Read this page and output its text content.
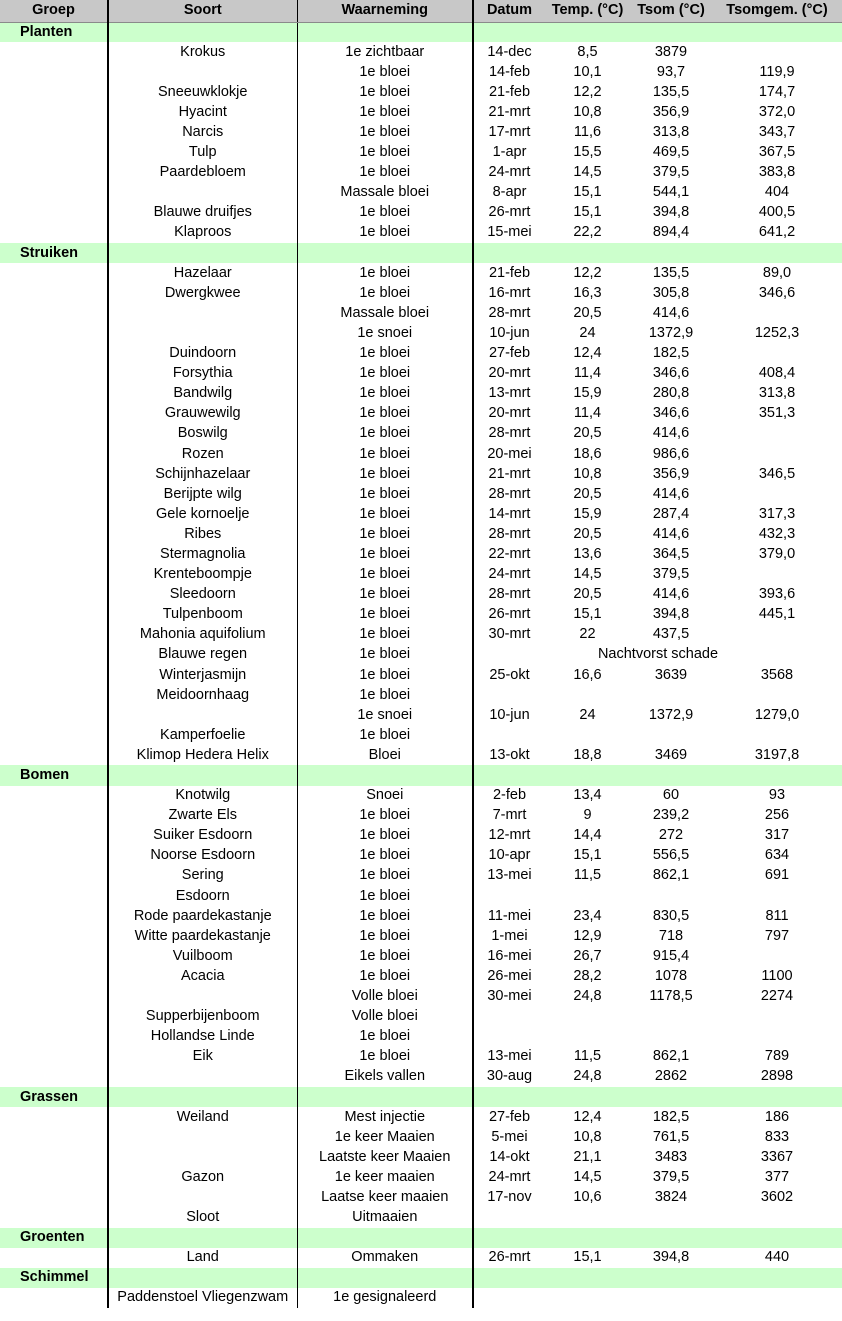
Groep	Soort	Waarneming	Datum	Temp. (°C)	Tsom (°C)	Tsomgem. (°C)
Planten						
	Krokus	1e zichtbaar	14-dec	8,5	3879	
		1e bloei	14-feb	10,1	93,7	119,9
	Sneeuwklokje	1e bloei	21-feb	12,2	135,5	174,7
	Hyacint	1e bloei	21-mrt	10,8	356,9	372,0
	Narcis	1e bloei	17-mrt	11,6	313,8	343,7
	Tulp	1e bloei	1-apr	15,5	469,5	367,5
	Paardebloem	1e bloei	24-mrt	14,5	379,5	383,8
		Massale bloei	8-apr	15,1	544,1	404
	Blauwe druifjes	1e bloei	26-mrt	15,1	394,8	400,5
	Klaproos	1e bloei	15-mei	22,2	894,4	641,2
Struiken						
	Hazelaar	1e bloei	21-feb	12,2	135,5	89,0
	Dwergkwee	1e bloei	16-mrt	16,3	305,8	346,6
		Massale bloei	28-mrt	20,5	414,6	
		1e snoei	10-jun	24	1372,9	1252,3
	Duindoorn	1e bloei	27-feb	12,4	182,5	
	Forsythia	1e bloei	20-mrt	11,4	346,6	408,4
	Bandwilg	1e bloei	13-mrt	15,9	280,8	313,8
	Grauwewilg	1e bloei	20-mrt	11,4	346,6	351,3
	Boswilg	1e bloei	28-mrt	20,5	414,6	
	Rozen	1e bloei	20-mei	18,6	986,6	
	Schijnhazelaar	1e bloei	21-mrt	10,8	356,9	346,5
	Berijpte wilg	1e bloei	28-mrt	20,5	414,6	
	Gele kornoelje	1e bloei	14-mrt	15,9	287,4	317,3
	Ribes	1e bloei	28-mrt	20,5	414,6	432,3
	Stermagnolia	1e bloei	22-mrt	13,6	364,5	379,0
	Krenteboompje	1e bloei	24-mrt	14,5	379,5	
	Sleedoorn	1e bloei	28-mrt	20,5	414,6	393,6
	Tulpenboom	1e bloei	26-mrt	15,1	394,8	445,1
	Mahonia aquifolium	1e bloei	30-mrt	22	437,5	
	Blauwe regen	1e bloei	Nachtvorst schade			
	Winterjasmijn	1e bloei	25-okt	16,6	3639	3568
	Meidoornhaag	1e bloei				
		1e snoei	10-jun	24	1372,9	1279,0
	Kamperfoelie	1e bloei				
	Klimop Hedera Helix	Bloei	13-okt	18,8	3469	3197,8
Bomen						
	Knotwilg	Snoei	2-feb	13,4	60	93
	Zwarte Els	1e bloei	7-mrt	9	239,2	256
	Suiker Esdoorn	1e bloei	12-mrt	14,4	272	317
	Noorse Esdoorn	1e bloei	10-apr	15,1	556,5	634
	Sering	1e bloei	13-mei	11,5	862,1	691
	Esdoorn	1e bloei				
	Rode paardekastanje	1e bloei	11-mei	23,4	830,5	811
	Witte paardekastanje	1e bloei	1-mei	12,9	718	797
	Vuilboom	1e bloei	16-mei	26,7	915,4	
	Acacia	1e bloei	26-mei	28,2	1078	1100
		Volle bloei	30-mei	24,8	1178,5	2274
	Supperbijenboom	Volle bloei				
	Hollandse Linde	1e bloei				
	Eik	1e bloei	13-mei	11,5	862,1	789
		Eikels vallen	30-aug	24,8	2862	2898
Grassen						
	Weiland	Mest injectie	27-feb	12,4	182,5	186
		1e keer Maaien	5-mei	10,8	761,5	833
		Laatste keer Maaien	14-okt	21,1	3483	3367
	Gazon	1e keer maaien	24-mrt	14,5	379,5	377
		Laatse keer maaien	17-nov	10,6	3824	3602
	Sloot	Uitmaaien				
Groenten						
	Land	Ommaken	26-mrt	15,1	394,8	440
Schimmel						
	Paddenstoel Vliegenzwam	1e gesignaleerd				
